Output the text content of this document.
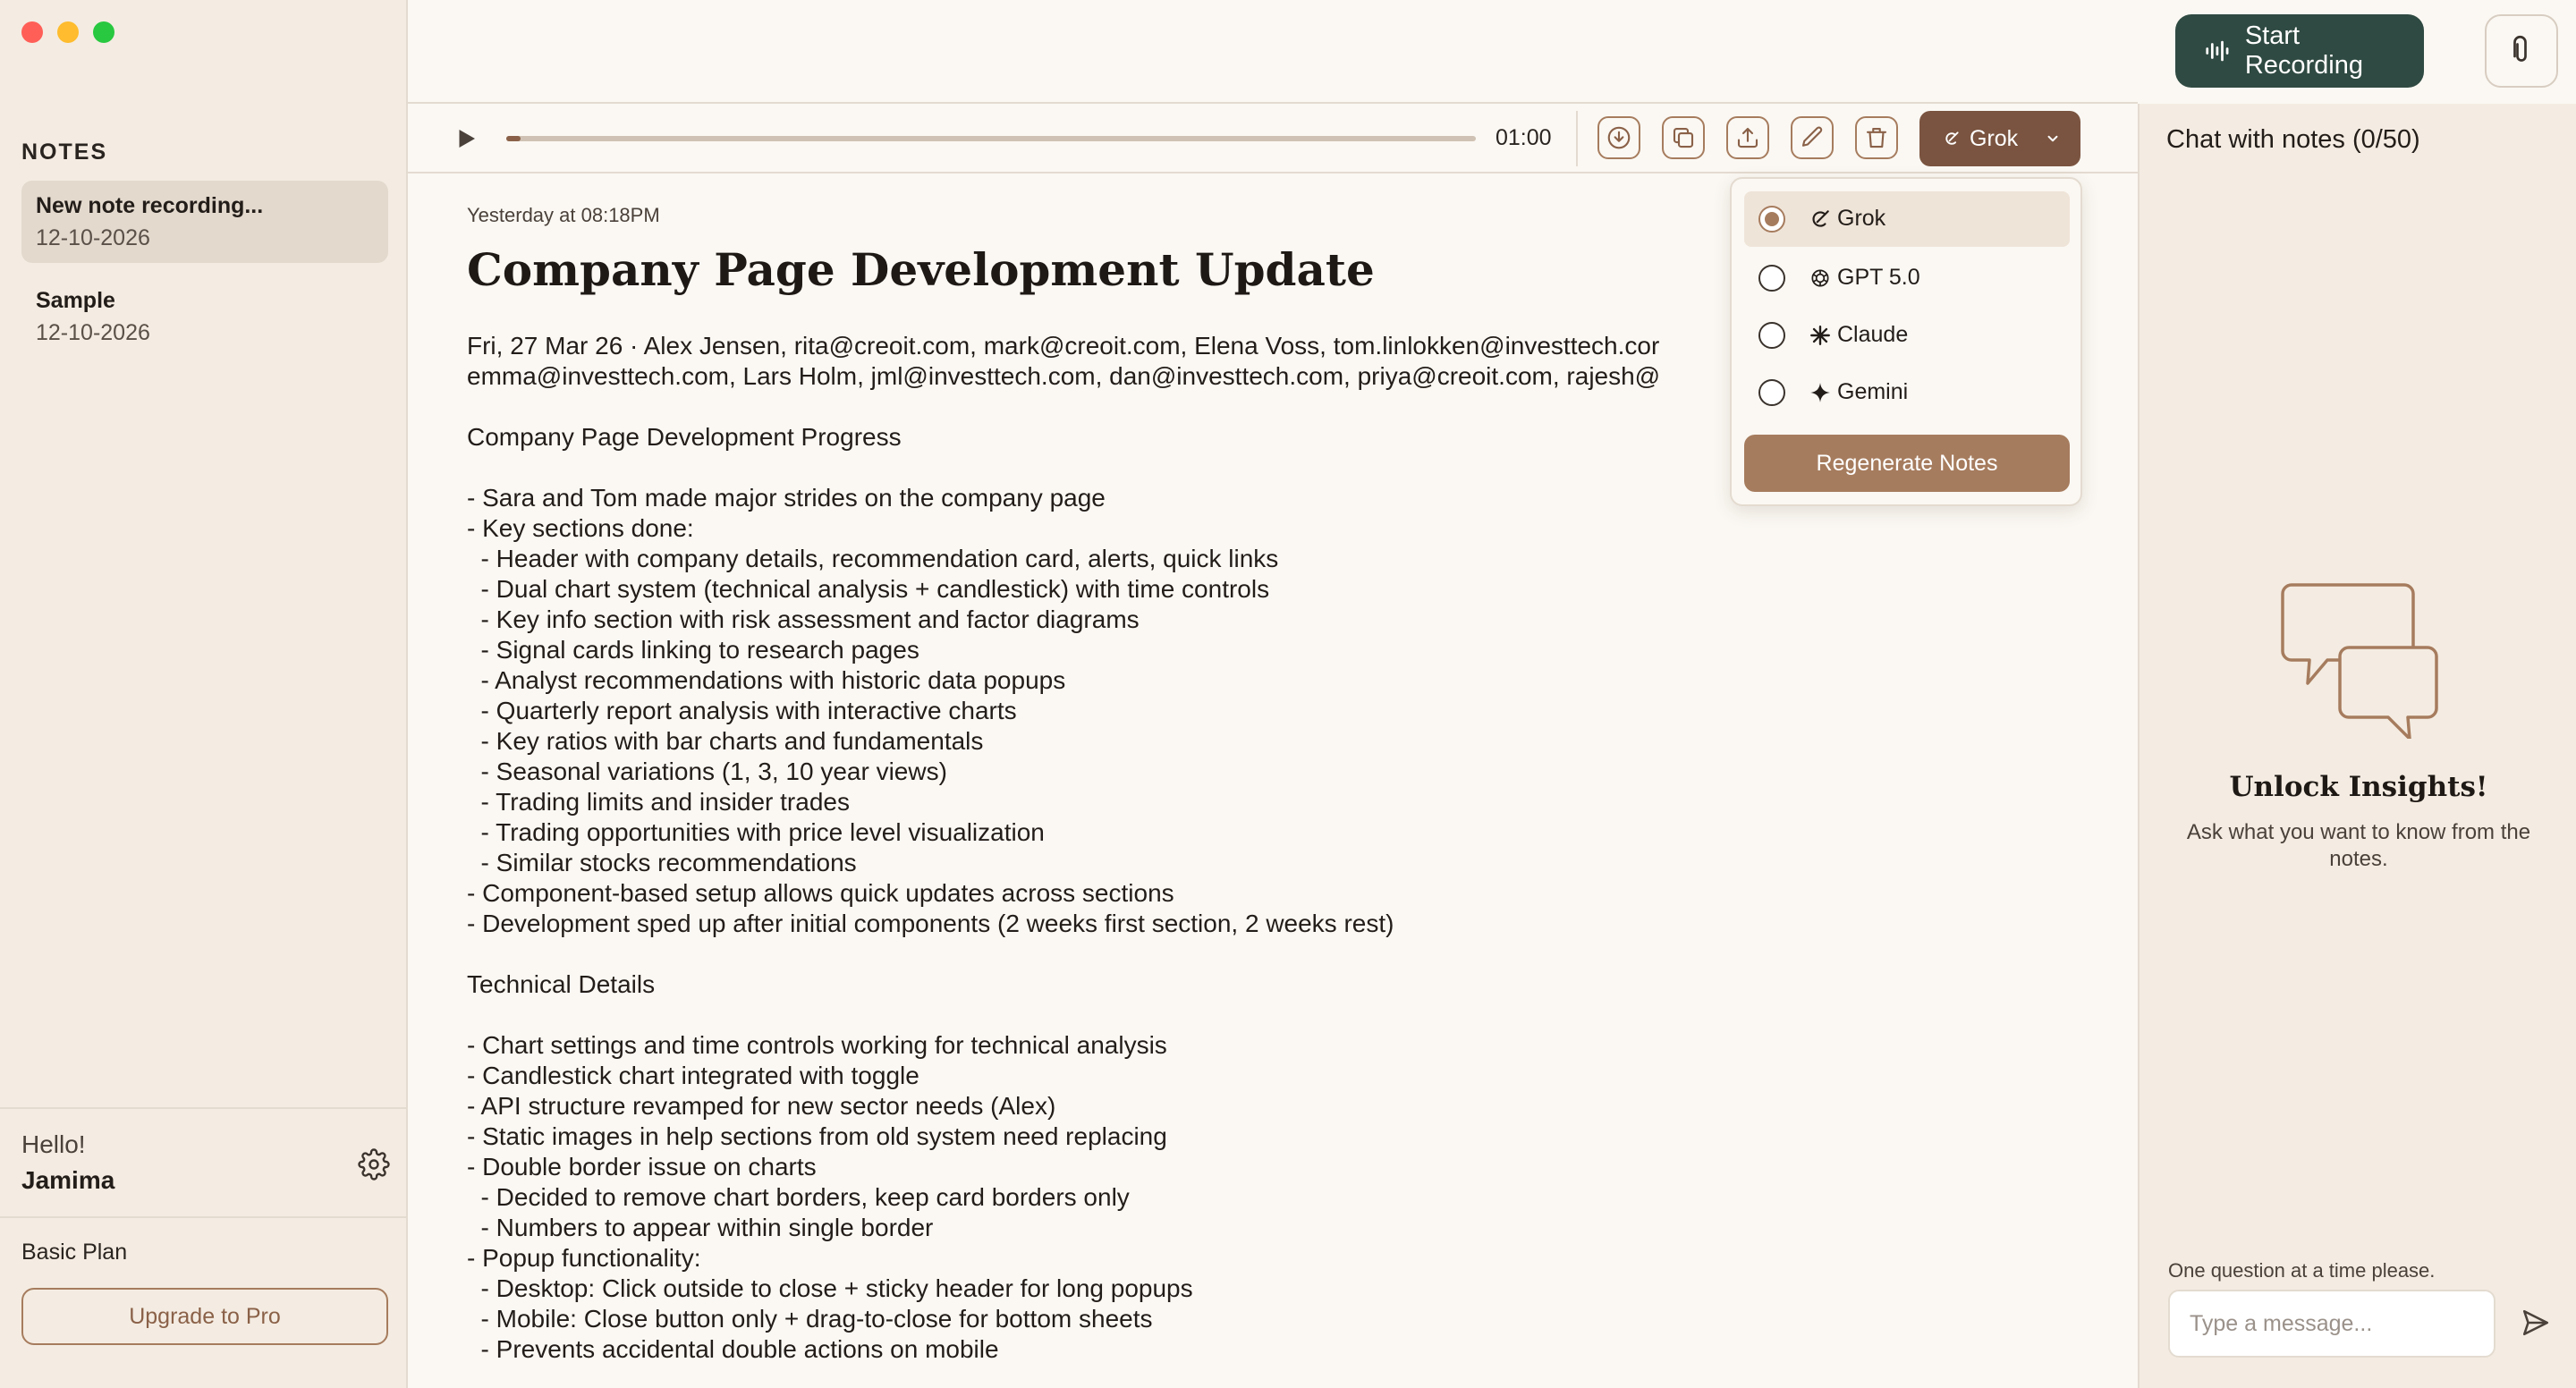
NOTES
New note recording...
12-10-2026
Sample
12-10-2026
Hello!
Jamima
Basic Plan
Upgrade to Pro
Start Recording
01:00	Grok
Yesterday at 08:18PM
Company Page Development Update
Fri, 27 Mar 26 · Alex Jensen, rita@creoit.com, mark@creoit.com, Elena Voss, tom.linlokken@investtech.cor
emma@investtech.com, Lars Holm, jml@investtech.com, dan@investtech.com, priya@creoit.com, rajesh@
Company Page Development Progress

- Sara and Tom made major strides on the company page
- Key sections done:
- Header with company details, recommendation card, alerts, quick links
- Dual chart system (technical analysis + candlestick) with time controls
- Key info section with risk assessment and factor diagrams
- Signal cards linking to research pages
- Analyst recommendations with historic data popups
- Quarterly report analysis with interactive charts
- Key ratios with bar charts and fundamentals
- Seasonal variations (1, 3, 10 year views)
- Trading limits and insider trades
- Trading opportunities with price level visualization
- Similar stocks recommendations
- Component-based setup allows quick updates across sections
- Development sped up after initial components (2 weeks first section, 2 weeks rest)

Technical Details

- Chart settings and time controls working for technical analysis
- Candlestick chart integrated with toggle
- API structure revamped for new sector needs (Alex)
- Static images in help sections from old system need replacing
- Double border issue on charts
- Decided to remove chart borders, keep card borders only
- Numbers to appear within single border
- Popup functionality:
- Desktop: Click outside to close + sticky header for long popups
- Mobile: Close button only + drag-to-close for bottom sheets
- Prevents accidental double actions on mobile
Grok
GPT 5.0
Claude
Gemini
Regenerate Notes
Chat with notes (0/50)
Unlock Insights!
Ask what you want to know from the notes.
One question at a time please.
Type a message...
